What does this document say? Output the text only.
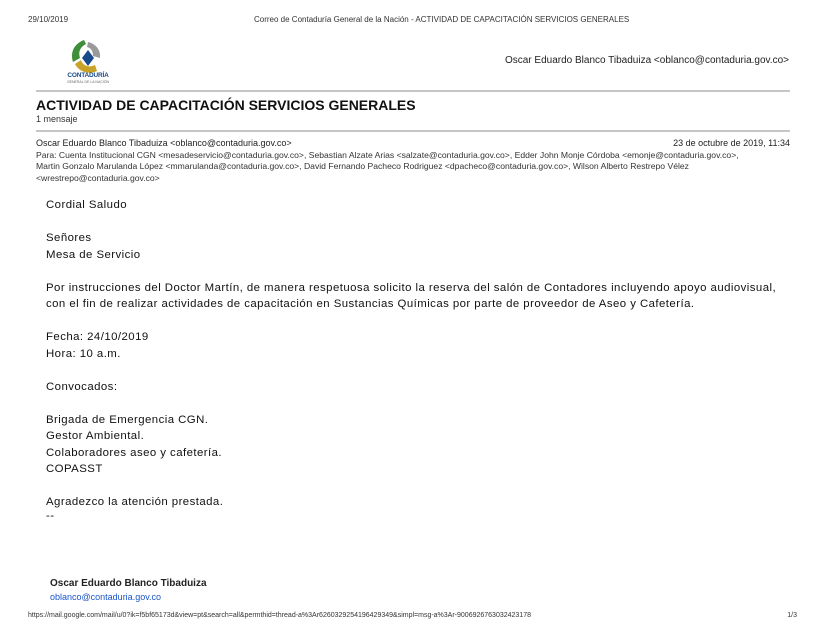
29/10/2019	Correo de Contaduría General de la Nación - ACTIVIDAD DE CAPACITACIÓN SERVICIOS GENERALES
CONTADURÍA
GENERAL DE LA NACIÓN
Oscar Eduardo Blanco Tibaduiza <oblanco@contaduria.gov.co>
ACTIVIDAD DE CAPACITACIÓN SERVICIOS GENERALES
1 mensaje
Oscar Eduardo Blanco Tibaduiza <oblanco@contaduria.gov.co>	23 de octubre de 2019, 11:34
Para: Cuenta Institucional CGN <mesadeservicio@contaduria.gov.co>, Sebastian Alzate Arias <salzate@contaduria.gov.co>, Edder John Monje Córdoba <emonje@contaduria.gov.co>, Martin Gonzalo Marulanda López <mmarulanda@contaduria.gov.co>, David Fernando Pacheco Rodriguez <dpacheco@contaduria.gov.co>, Wilson Alberto Restrepo Vélez <wrestrepo@contaduria.gov.co>

Cordial Saludo

Señores

Mesa de Servicio

Por instrucciones del Doctor Martín, de manera respetuosa solicito la reserva del salón de Contadores incluyendo apoyo audiovisual, con el fin de realizar actividades de capacitación en Sustancias Químicas por parte de proveedor de Aseo y Cafetería.

Fecha: 24/10/2019

Hora: 10 a.m.

Convocados:

Brigada de Emergencia CGN.

Gestor Ambiental.

Colaboradores aseo y cafetería.

COPASST

Agradezco la atención prestada.

--

Oscar Eduardo Blanco Tibaduiza
oblanco@contaduria.gov.co
https://mail.google.com/mail/u/0?ik=f5bf65173d&view=pt&search=all&permthid=thread-a%3Ar6260329254196429349&simpl=msg-a%3Ar-9006926763032423178	1/3
